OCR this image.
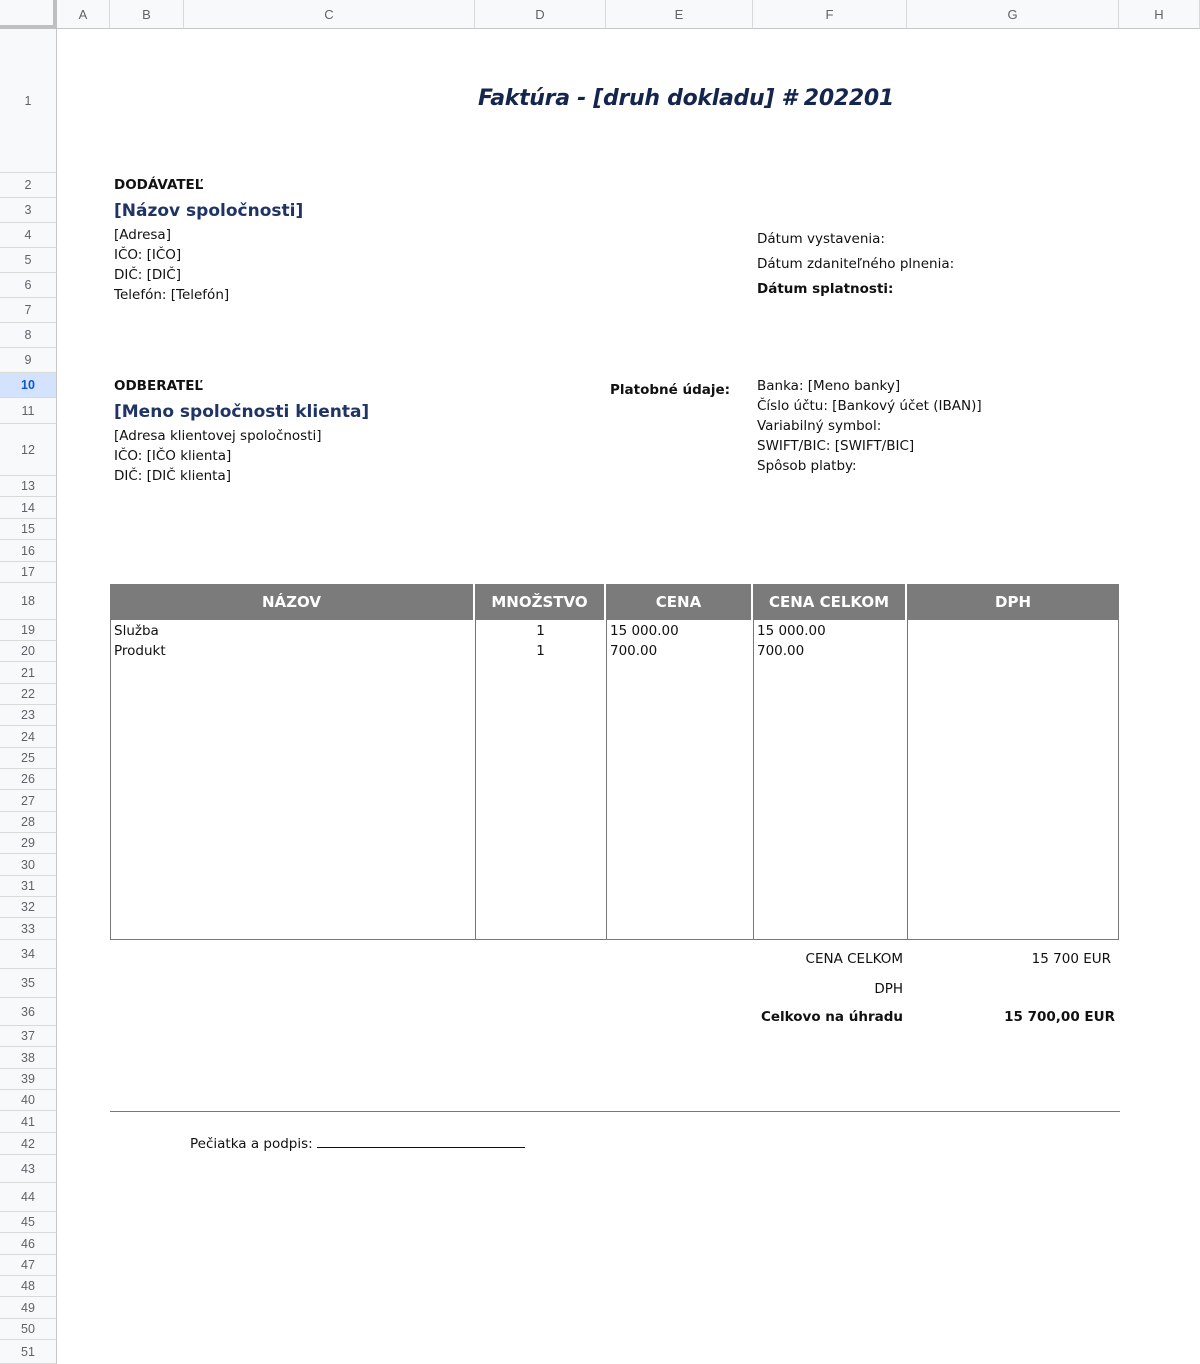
A	B	C	D	E	F	G	H
1
2
3
4
5
6
7
8
9
10
11
12
13
14
15
16
17
18
19
20
21
22
23
24
25
26
27
28
29
30
31
32
33
34
35
36
37
38
39
40
41
42
43
44
45
46
47
48
49
50
51
Faktúra - [druh dokladu] # 202201
DODÁVATEĽ
[Názov spoločnosti]
[Adresa]
IČO: [IČO]
DIČ: [DIČ]
Telefón: [Telefón]
Dátum vystavenia:
Dátum zdaniteľného plnenia:
Dátum splatnosti:
ODBERATEĽ
[Meno spoločnosti klienta]
[Adresa klientovej spoločnosti]
IČO: [IČO klienta]
DIČ: [DIČ klienta]
Platobné údaje: Banka: [Meno banky]
Číslo účtu: [Bankový účet (IBAN)]
Variabilný symbol:
SWIFT/BIC: [SWIFT/BIC]
Spôsob platby:
NÁZOV	MNOŽSTVO	CENA	CENA CELKOM	DPH
Služba	1	15 000.00	15 000.00
Produkt	1	700.00	700.00
CENA CELKOM	15 700 EUR
DPH
Celkovo na úhradu	15 700,00 EUR
Pečiatka a podpis:
